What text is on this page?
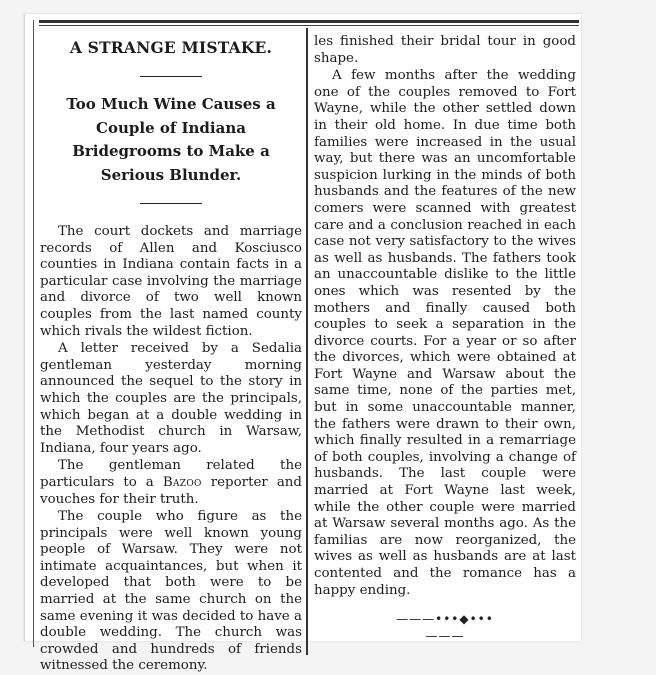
A STRANGE MISTAKE.
Too Much Wine Causes a Couple of Indiana Bridegrooms to Make a Serious Blunder.

The court dockets and marriage records of Allen and Kosciusco counties in Indiana contain facts in a particular case involving the marriage and divorce of two well known couples from the last named county which rivals the wildest fiction.

A letter received by a Sedalia gentleman yesterday morning announced the sequel to the story in which the couples are the principals, which began at a double wedding in the Methodist church in Warsaw, Indiana, four years ago.

The gentleman related the particulars to a Bazoo reporter and vouches for their truth.

The couple who figure as the principals were well known young people of Warsaw. They were not intimate acquaintances, but when it developed that both were to be married at the same church on the same evening it was decided to have a double wedding. The church was crowded and hundreds of friends witnessed the ceremony.

les finished their bridal tour in good shape.

A few months after the wedding one of the couples removed to Fort Wayne, while the other settled down in their old home. In due time both families were increased in the usual way, but there was an uncomfortable suspicion lurking in the minds of both husbands and the features of the new comers were scanned with greatest care and a conclusion reached in each case not very satisfactory to the wives as well as husbands. The fathers took an unaccountable dislike to the little ones which was resented by the mothers and finally caused both couples to seek a separation in the divorce courts. For a year or so after the divorces, which were obtained at Fort Wayne and Warsaw about the same time, none of the parties met, but in some unaccountable manner, the fathers were drawn to their own, which finally resulted in a remarriage of both couples, involving a change of husbands. The last couple were married at Fort Wayne last week, while the other couple were married at Warsaw several months ago. As the familias are now reorganized, the wives as well as husbands are at last contented and the romance has a happy ending.

———•••◆•••———
